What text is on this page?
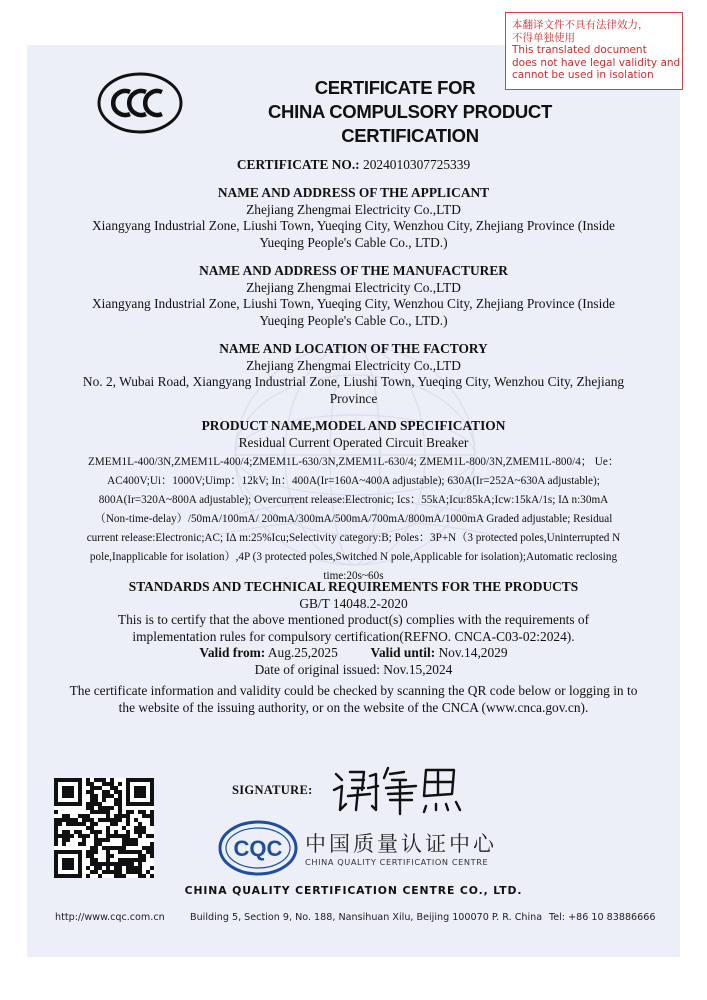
本翻译文件不具有法律效力，
不得单独使用
This translated document
does not have legal validity and
cannot be used in isolation
CERTIFICATE FOR
CHINA COMPULSORY PRODUCT CERTIFICATION
CERTIFICATE NO.: 2024010307725339
NAME AND ADDRESS OF THE APPLICANT
Zhejiang Zhengmai Electricity Co.,LTD
Xiangyang Industrial Zone, Liushi Town, Yueqing City, Wenzhou City, Zhejiang Province (Inside
Yueqing People's Cable Co., LTD.)
NAME AND ADDRESS OF THE MANUFACTURER
Zhejiang Zhengmai Electricity Co.,LTD
Xiangyang Industrial Zone, Liushi Town, Yueqing City, Wenzhou City, Zhejiang Province (Inside
Yueqing People's Cable Co., LTD.)
NAME AND LOCATION OF THE FACTORY
Zhejiang Zhengmai Electricity Co.,LTD
No. 2, Wubai Road, Xiangyang Industrial Zone, Liushi Town, Yueqing City, Wenzhou City, Zhejiang
Province
PRODUCT NAME,MODEL AND SPECIFICATION
Residual Current Operated Circuit Breaker
ZMEM1L-400/3N,ZMEM1L-400/4;ZMEM1L-630/3N,ZMEM1L-630/4; ZMEM1L-800/3N,ZMEM1L-800/4； Ue：
AC400V;Ui：1000V;Uimp：12kV; In：400A(Ir=160A~400A adjustable); 630A(Ir=252A~630A adjustable);
800A(Ir=320A~800A adjustable); Overcurrent release:Electronic; Ics：55kA;Icu:85kA;Icw:15kA/1s; I∆ n:30mA
（Non-time-delay）/50mA/100mA/ 200mA/300mA/500mA/700mA/800mA/1000mA Graded adjustable; Residual
current release:Electronic;AC; I∆ m:25%Icu;Selectivity category:B; Poles：3P+N（3 protected poles,Uninterrupted N
pole,Inapplicable for isolation）,4P (3 protected poles,Switched N pole,Applicable for isolation);Automatic reclosing
time:20s~60s
STANDARDS AND TECHNICAL REQUIREMENTS FOR THE PRODUCTS
GB/T 14048.2-2020
This is to certify that the above mentioned product(s) complies with the requirements of
implementation rules for compulsory certification(REFNO. CNCA-C03-02:2024).
Valid from: Aug.25,2025 Valid until: Nov.14,2029
Date of original issued: Nov.15,2024
The certificate information and validity could be checked by scanning the QR code below or logging in to
the website of the issuing authority, or on the website of the CNCA (www.cnca.gov.cn).
SIGNATURE:
CQC 中国质量认证中心
CHINA QUALITY CERTIFICATION CENTRE
CHINA QUALITY CERTIFICATION CENTRE CO., LTD.
http://www.cqc.com.cn	Building 5, Section 9, No. 188, Nansihuan Xilu, Beijing 100070 P. R. China Tel: +86 10 83886666
